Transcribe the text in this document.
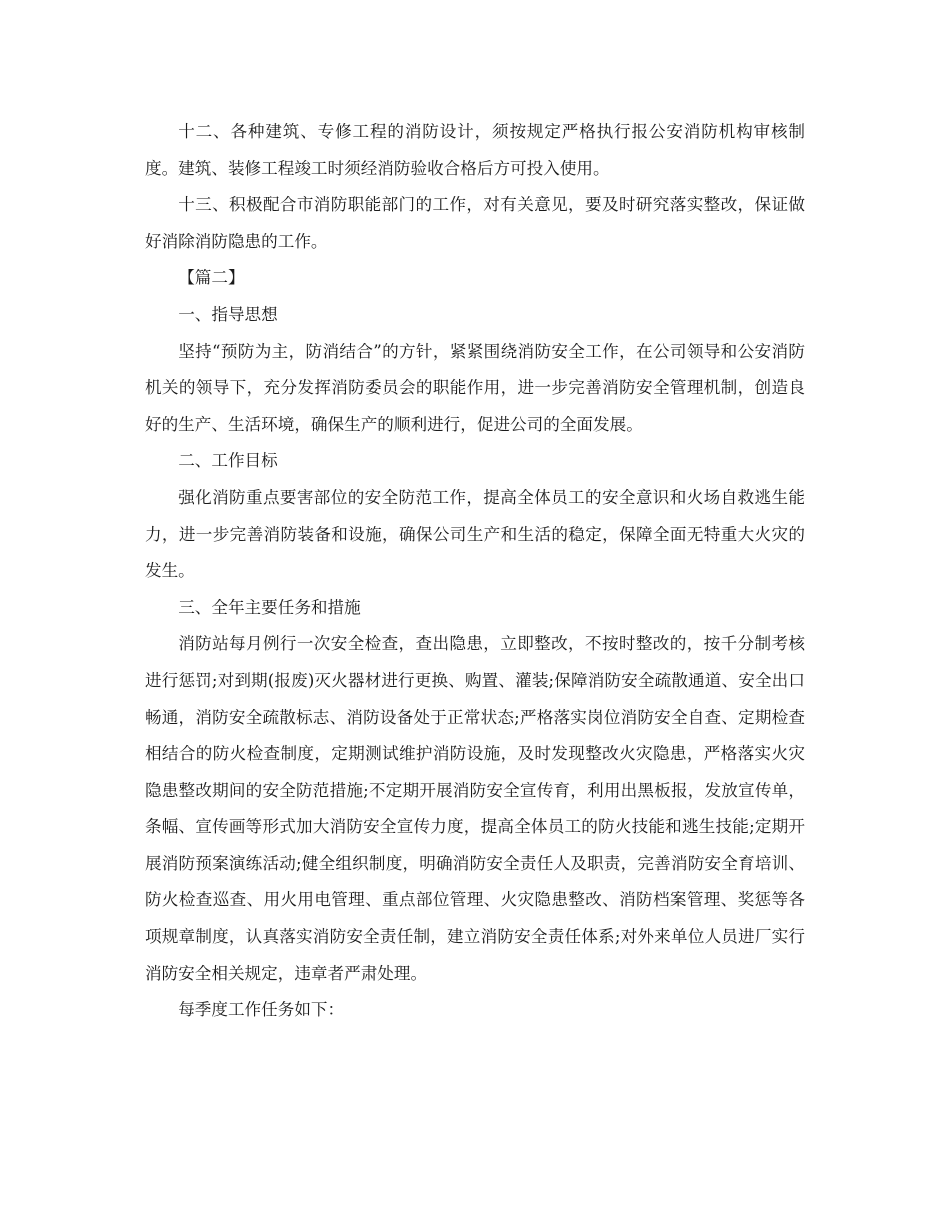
十二、各种建筑、专修工程的消防设计，须按规定严格执行报公安消防机构审核制度。建筑、装修工程竣工时须经消防验收合格后方可投入使用。

十三、积极配合市消防职能部门的工作，对有关意见，要及时研究落实整改，保证做好消除消防隐患的工作。

【篇二】

一、指导思想

坚持“预防为主，防消结合”的方针，紧紧围绕消防安全工作，在公司领导和公安消防机关的领导下，充分发挥消防委员会的职能作用，进一步完善消防安全管理机制，创造良好的生产、生活环境，确保生产的顺利进行，促进公司的全面发展。

二、工作目标

强化消防重点要害部位的安全防范工作，提高全体员工的安全意识和火场自救逃生能力，进一步完善消防装备和设施，确保公司生产和生活的稳定，保障全面无特重大火灾的发生。

三、全年主要任务和措施

消防站每月例行一次安全检查，查出隐患，立即整改，不按时整改的，按千分制考核进行惩罚;对到期(报废)灭火器材进行更换、购置、灌装;保障消防安全疏散通道、安全出口畅通，消防安全疏散标志、消防设备处于正常状态;严格落实岗位消防安全自查、定期检查相结合的防火检查制度，定期测试维护消防设施，及时发现整改火灾隐患，严格落实火灾隐患整改期间的安全防范措施;不定期开展消防安全宣传育，利用出黑板报，发放宣传单，条幅、宣传画等形式加大消防安全宣传力度，提高全体员工的防火技能和逃生技能;定期开展消防预案演练活动;健全组织制度，明确消防安全责任人及职责，完善消防安全育培训、防火检查巡查、用火用电管理、重点部位管理、火灾隐患整改、消防档案管理、奖惩等各项规章制度，认真落实消防安全责任制，建立消防安全责任体系;对外来单位人员进厂实行消防安全相关规定，违章者严肃处理。

每季度工作任务如下：
